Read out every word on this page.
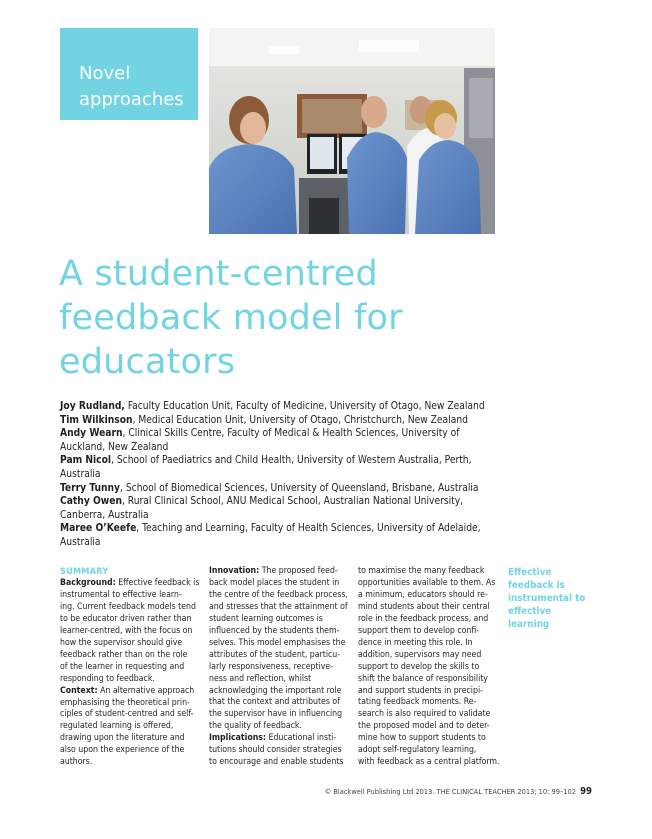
Novel
approaches
A student-centred
feedback model for
educators
Joy Rudland, Faculty Education Unit, Faculty of Medicine, University of Otago, New Zealand
Tim Wilkinson, Medical Education Unit, University of Otago, Christchurch, New Zealand
Andy Wearn, Clinical Skills Centre, Faculty of Medical & Health Sciences, University of
Auckland, New Zealand
Pam Nicol, School of Paediatrics and Child Health, University of Western Australia, Perth,
Australia
Terry Tunny, School of Biomedical Sciences, University of Queensland, Brisbane, Australia
Cathy Owen, Rural Clinical School, ANU Medical School, Australian National University,
Canberra, Australia
Maree O’Keefe, Teaching and Learning, Faculty of Health Sciences, University of Adelaide,
Australia
SUMMARY
Background: Effective feedback is
instrumental to effective learn-
ing. Current feedback models tend
to be educator driven rather than
learner-centred, with the focus on
how the supervisor should give
feedback rather than on the role
of the learner in requesting and
responding to feedback.
Context: An alternative approach
emphasising the theoretical prin-
ciples of student-centred and self-
regulated learning is offered,
drawing upon the literature and
also upon the experience of the
authors.
Innovation: The proposed feed-
back model places the student in
the centre of the feedback process,
and stresses that the attainment of
student learning outcomes is
influenced by the students them-
selves. This model emphasises the
attributes of the student, particu-
larly responsiveness, receptive-
ness and reflection, whilst
acknowledging the important role
that the context and attributes of
the supervisor have in influencing
the quality of feedback.
Implications: Educational insti-
tutions should consider strategies
to encourage and enable students
to maximise the many feedback
opportunities available to them. As
a minimum, educators should re-
mind students about their central
role in the feedback process, and
support them to develop confi-
dence in meeting this role. In
addition, supervisors may need
support to develop the skills to
shift the balance of responsibility
and support students in precipi-
tating feedback moments. Re-
search is also required to validate
the proposed model and to deter-
mine how to support students to
adopt self-regulatory learning,
with feedback as a central platform.
Effective
feedback is
instrumental to
effective
learning
© Blackwell Publishing Ltd 2013. THE CLINICAL TEACHER 2013; 10: 99–102 99
